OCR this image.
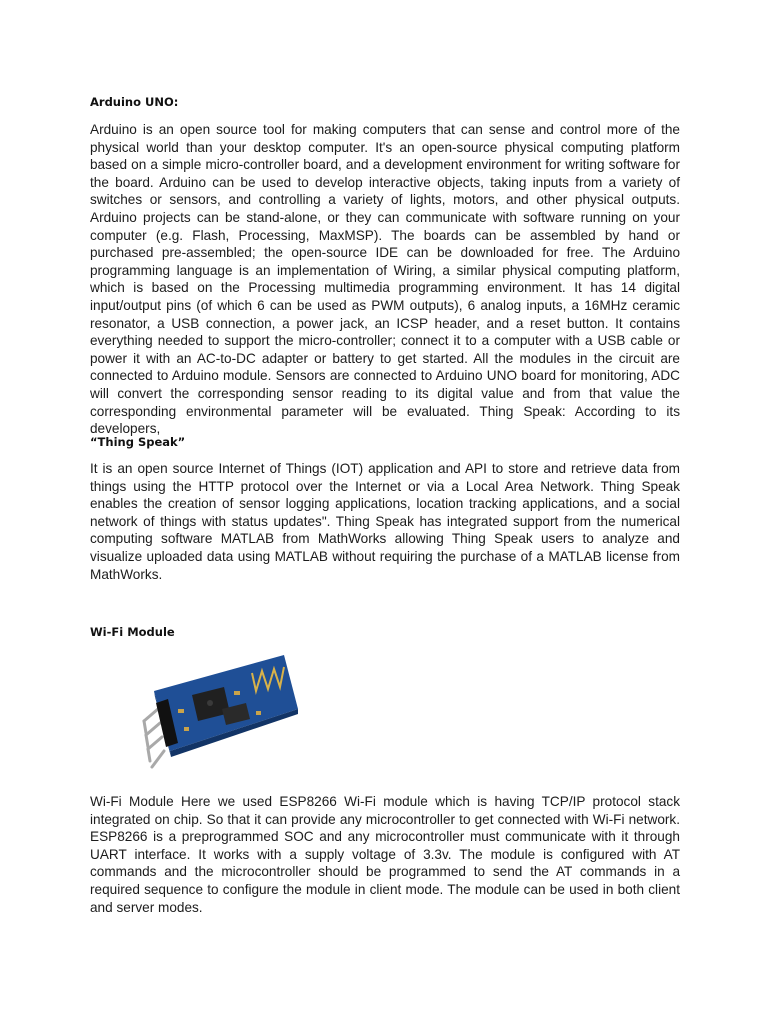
Arduino UNO:

Arduino is an open source tool for making computers that can sense and control more of the physical world than your desktop computer. It's an open-source physical computing platform based on a simple micro-controller board, and a development environment for writing software for the board. Arduino can be used to develop interactive objects, taking inputs from a variety of switches or sensors, and controlling a variety of lights, motors, and other physical outputs. Arduino projects can be stand-alone, or they can communicate with software running on your computer (e.g. Flash, Processing, MaxMSP). The boards can be assembled by hand or purchased pre-assembled; the open-source IDE can be downloaded for free. The Arduino programming language is an implementation of Wiring, a similar physical computing platform, which is based on the Processing multimedia programming environment. It has 14 digital input/output pins (of which 6 can be used as PWM outputs), 6 analog inputs, a 16MHz ceramic resonator, a USB connection, a power jack, an ICSP header, and a reset button. It contains everything needed to support the micro-controller; connect it to a computer with a USB cable or power it with an AC-to-DC adapter or battery to get started. All the modules in the circuit are connected to Arduino module. Sensors are connected to Arduino UNO board for monitoring, ADC will convert the corresponding sensor reading to its digital value and from that value the corresponding environmental parameter will be evaluated. Thing Speak: According to its developers,

“Thing Speak”

It is an open source Internet of Things (IOT) application and API to store and retrieve data from things using the HTTP protocol over the Internet or via a Local Area Network. Thing Speak enables the creation of sensor logging applications, location tracking applications, and a social network of things with status updates". Thing Speak has integrated support from the numerical computing software MATLAB from MathWorks allowing Thing Speak users to analyze and visualize uploaded data using MATLAB without requiring the purchase of a MATLAB license from MathWorks.

Wi-Fi Module

Wi-Fi Module Here we used ESP8266 Wi-Fi module which is having TCP/IP protocol stack integrated on chip. So that it can provide any microcontroller to get connected with Wi-Fi network. ESP8266 is a preprogrammed SOC and any microcontroller must communicate with it through UART interface. It works with a supply voltage of 3.3v. The module is configured with AT commands and the microcontroller should be programmed to send the AT commands in a required sequence to configure the module in client mode. The module can be used in both client and server modes.
